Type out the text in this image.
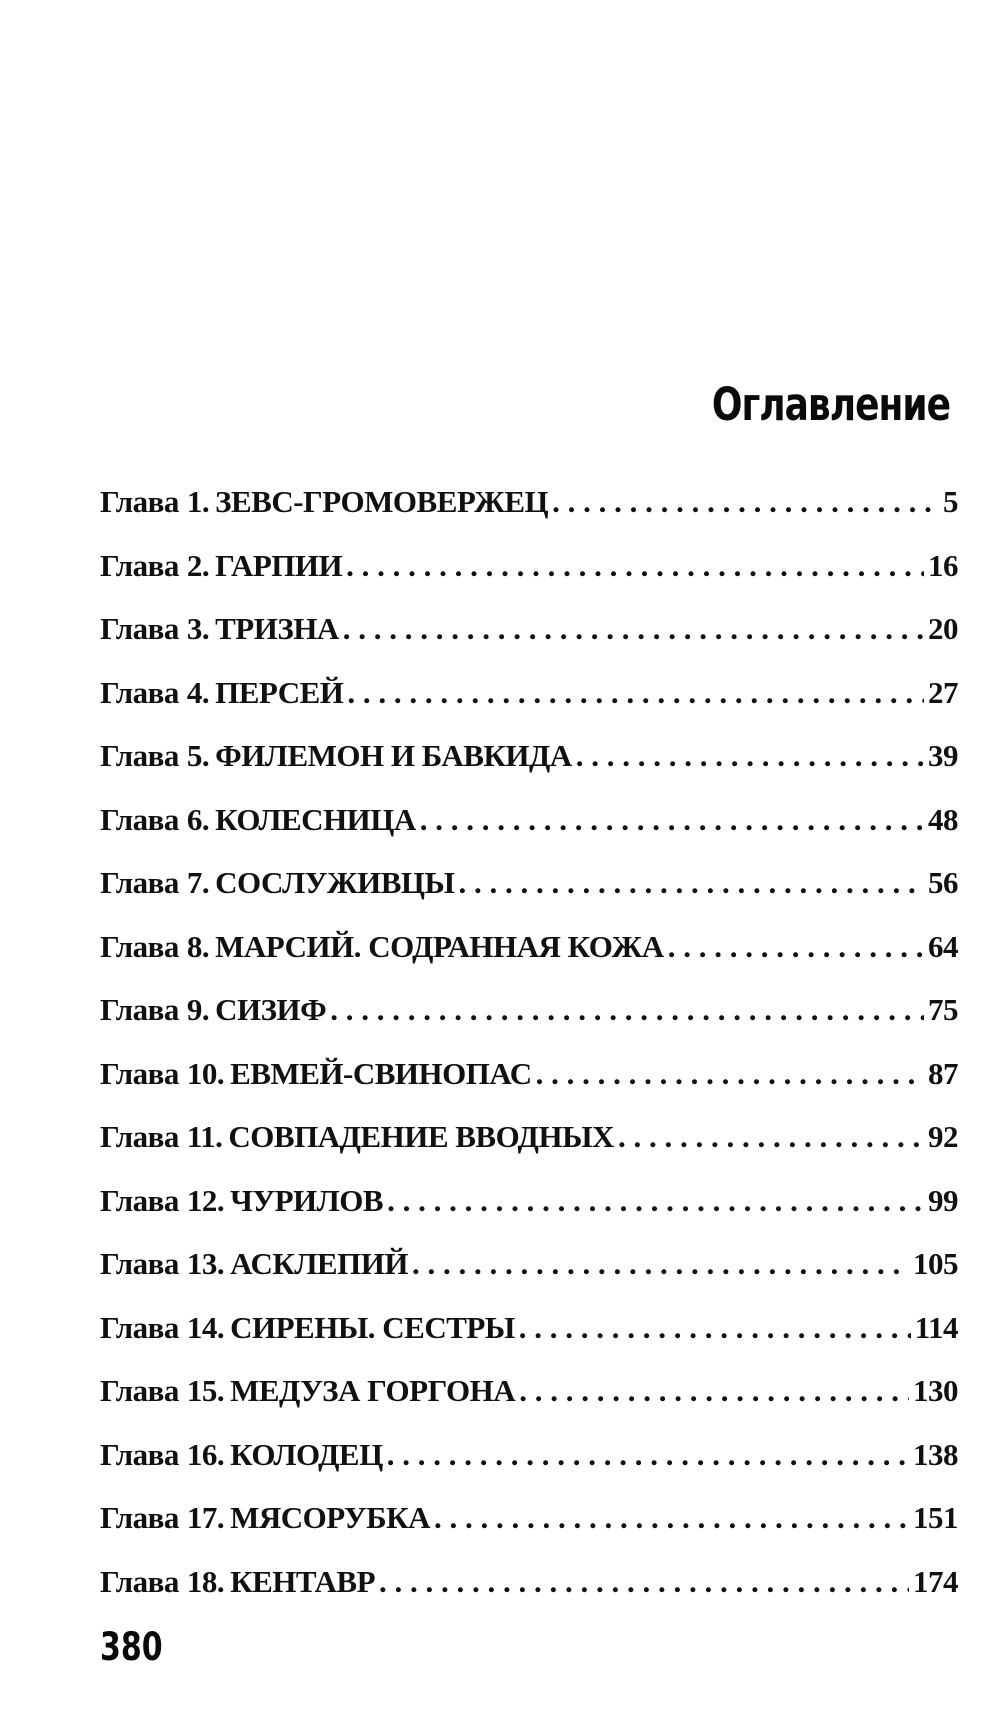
Оглавление
Глава 1. ЗЕВС-ГРОМОВЕРЖЕЦ . . .	5
Глава 2. ГАРПИИ . . .	16
Глава 3. ТРИЗНА . . .	20
Глава 4. ПЕРСЕЙ . . .	27
Глава 5. ФИЛЕМОН И БАВКИДА . . .	39
Глава 6. КОЛЕСНИЦА . . .	48
Глава 7. СОСЛУЖИВЦЫ . . .	56
Глава 8. МАРСИЙ. СОДРАННАЯ КОЖА . . .	64
Глава 9. СИЗИФ . . .	75
Глава 10. ЕВМЕЙ-СВИНОПАС . . .	87
Глава 11. СОВПАДЕНИЕ ВВОДНЫХ . . .	92
Глава 12. ЧУРИЛОВ . . .	99
Глава 13. АСКЛЕПИЙ . . .	105
Глава 14. СИРЕНЫ. СЕСТРЫ . . .	114
Глава 15. МЕДУЗА ГОРГОНА . . .	130
Глава 16. КОЛОДЕЦ . . .	138
Глава 17. МЯСОРУБКА . . .	151
Глава 18. КЕНТАВР . . .	174
380
